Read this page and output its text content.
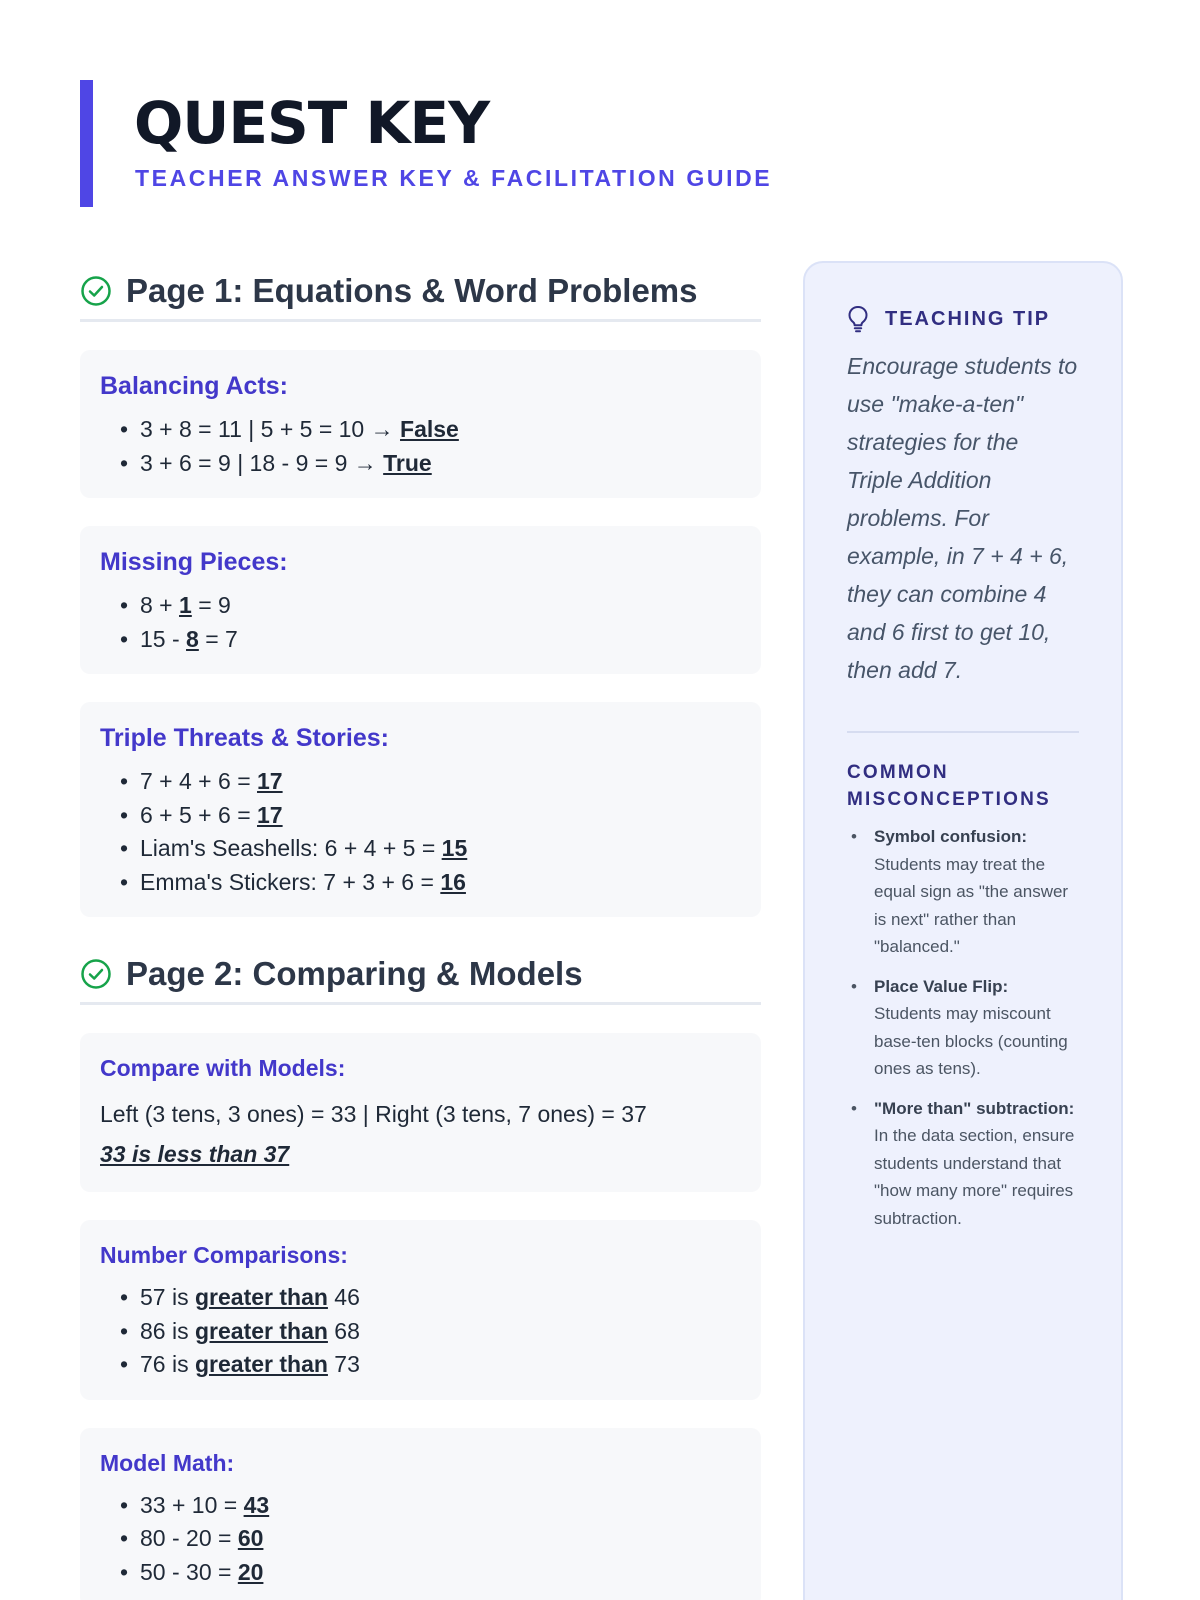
QUEST KEY
TEACHER ANSWER KEY & FACILITATION GUIDE
Page 1: Equations & Word Problems
Balancing Acts:
• 3 + 8 = 11 | 5 + 5 = 10 → False
• 3 + 6 = 9 | 18 - 9 = 9 → True
Missing Pieces:
• 8 + 1 = 9
• 15 - 8 = 7
Triple Threats & Stories:
• 7 + 4 + 6 = 17
• 6 + 5 + 6 = 17
• Liam's Seashells: 6 + 4 + 5 = 15
• Emma's Stickers: 7 + 3 + 6 = 16
Page 2: Comparing & Models
Compare with Models:
Left (3 tens, 3 ones) = 33 | Right (3 tens, 7 ones) = 37
33 is less than 37
Number Comparisons:
• 57 is greater than 46
• 86 is greater than 68
• 76 is greater than 73
Model Math:
• 33 + 10 = 43
• 80 - 20 = 60
• 50 - 30 = 20
TEACHING TIP

Encourage students to use "make-a-ten" strategies for the Triple Addition problems. For example, in 7 + 4 + 6, they can combine 4 and 6 first to get 10, then add 7.

COMMON MISCONCEPTIONS
• Symbol confusion: Students may treat the equal sign as "the answer is next" rather than "balanced."
• Place Value Flip: Students may miscount base-ten blocks (counting ones as tens).
• "More than" subtraction: In the data section, ensure students understand that "how many more" requires subtraction.
